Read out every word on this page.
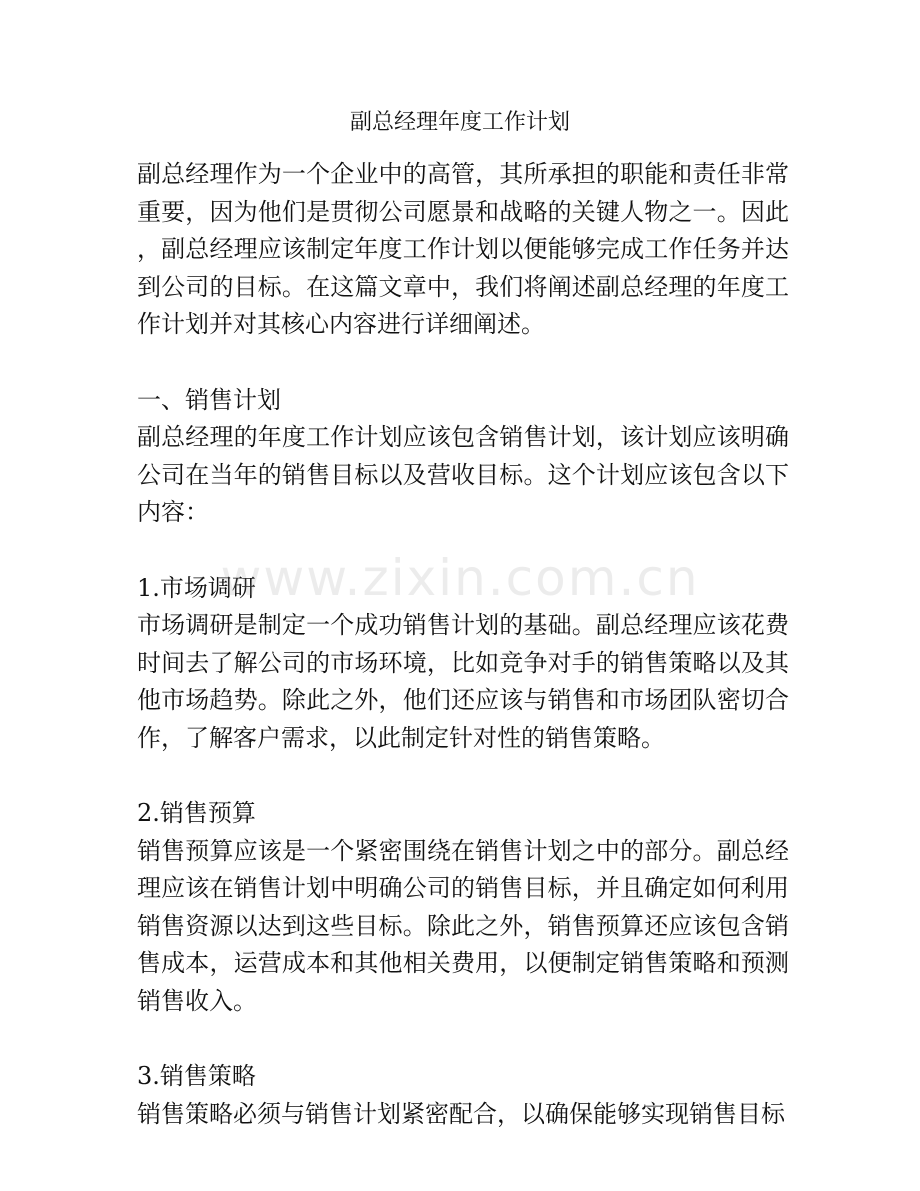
副总经理年度工作计划

副总经理作为一个企业中的高管，其所承担的职能和责任非常重要，因为他们是贯彻公司愿景和战略的关键人物之一。因此，副总经理应该制定年度工作计划以便能够完成工作任务并达到公司的目标。在这篇文章中，我们将阐述副总经理的年度工作计划并对其核心内容进行详细阐述。

一、销售计划

副总经理的年度工作计划应该包含销售计划，该计划应该明确公司在当年的销售目标以及营收目标。这个计划应该包含以下内容：

1.市场调研

市场调研是制定一个成功销售计划的基础。副总经理应该花费时间去了解公司的市场环境，比如竞争对手的销售策略以及其他市场趋势。除此之外，他们还应该与销售和市场团队密切合作，了解客户需求，以此制定针对性的销售策略。

2.销售预算

销售预算应该是一个紧密围绕在销售计划之中的部分。副总经理应该在销售计划中明确公司的销售目标，并且确定如何利用销售资源以达到这些目标。除此之外，销售预算还应该包含销售成本，运营成本和其他相关费用，以便制定销售策略和预测销售收入。

3.销售策略

销售策略必须与销售计划紧密配合，以确保能够实现销售目标

www.zixin.com.cn
